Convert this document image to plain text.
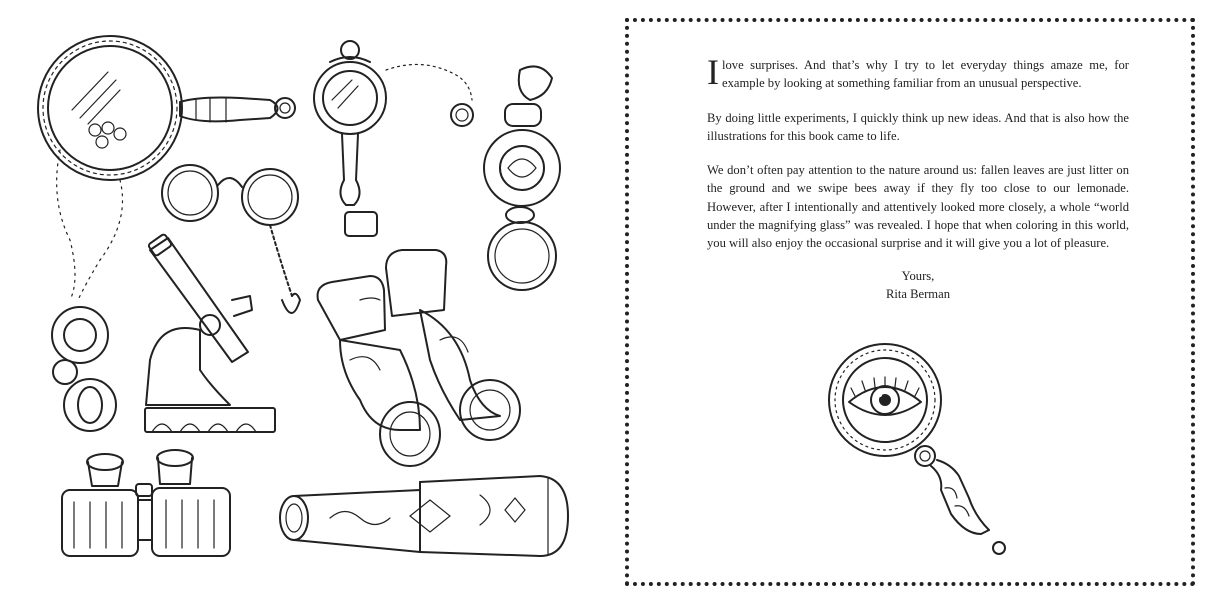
I love surprises. And that’s why I try to let everyday things amaze me, for example by looking at something familiar from an unusual perspective.

By doing little experiments, I quickly think up new ideas. And that is also how the illustrations for this book came to life.

We don’t often pay attention to the nature around us: fallen leaves are just litter on the ground and we swipe bees away if they fly too close to our lemonade. However, after I intentionally and attentively looked more closely, a whole “world under the magnifying glass” was revealed. I hope that when coloring in this world, you will also enjoy the occasional surprise and it will give you a lot of pleasure.

Yours,
Rita Berman
